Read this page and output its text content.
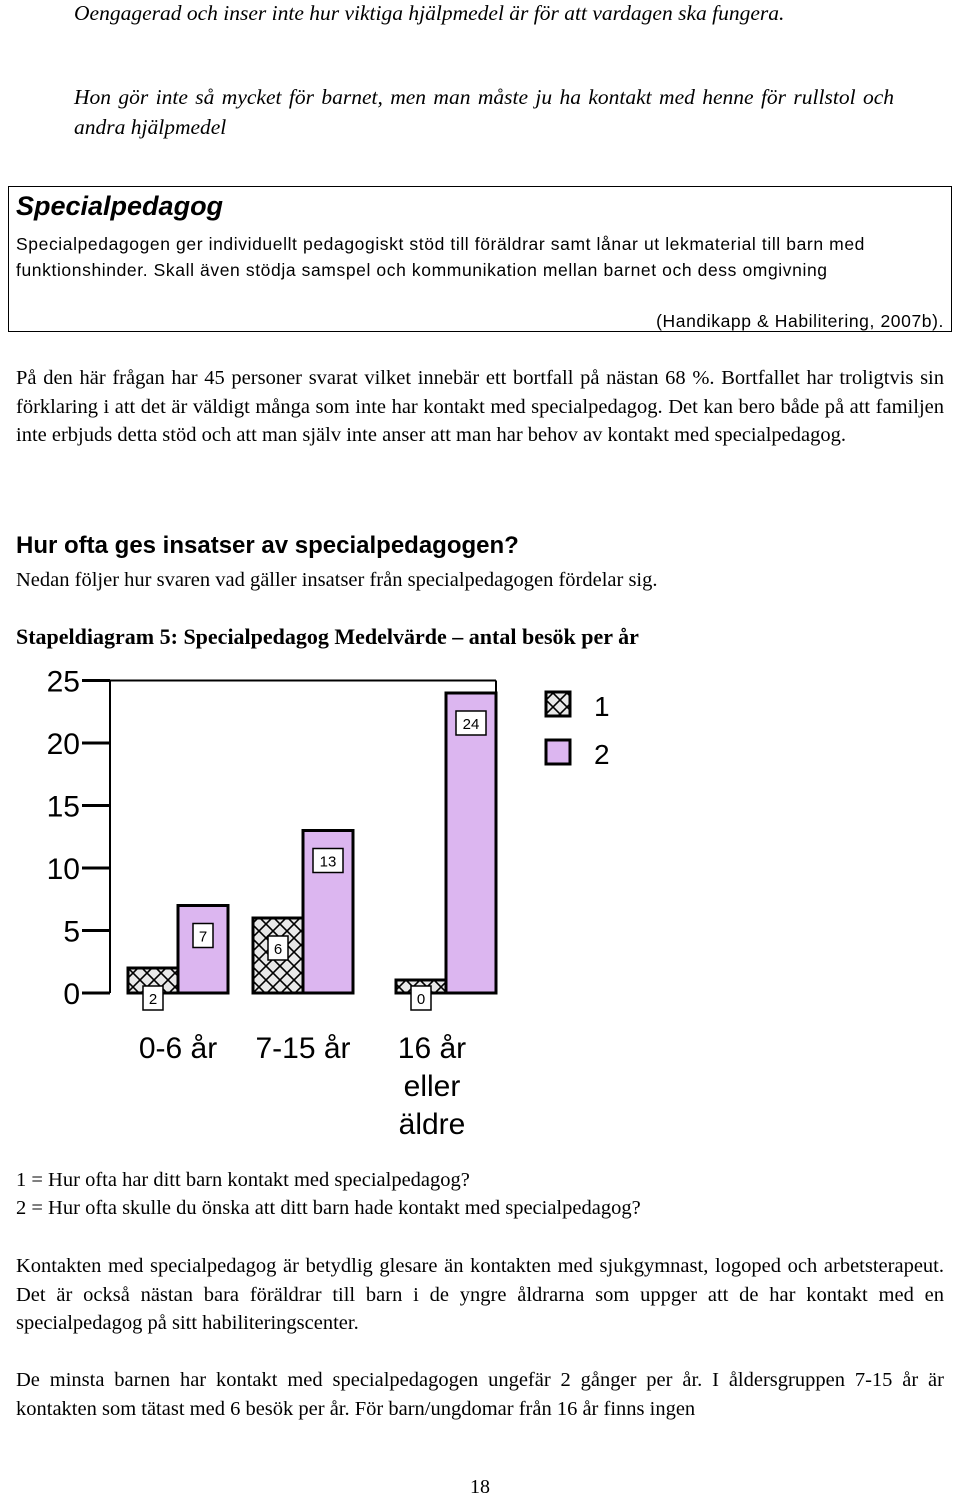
Oengagerad och inser inte hur viktiga hjälpmedel är för att vardagen ska fungera.

Hon gör inte så mycket för barnet, men man måste ju ha kontakt med henne för rullstol och andra hjälpmedel

Specialpedagog

Specialpedagogen ger individuellt pedagogiskt stöd till föräldrar samt lånar ut lekmaterial till barn med funktionshinder. Skall även stödja samspel och kommunikation mellan barnet och dess omgivning

(Handikapp & Habilitering, 2007b).

På den här frågan har 45 personer svarat vilket innebär ett bortfall på nästan 68 %. Bortfallet har troligtvis sin förklaring i att det är väldigt många som inte har kontakt med specialpedagog. Det kan bero både på att familjen inte erbjuds detta stöd och att man själv inte anser att man har behov av kontakt med specialpedagog.

Hur ofta ges insatser av specialpedagogen?

Nedan följer hur svaren vad gäller insatser från specialpedagogen fördelar sig.

Stapeldiagram 5: Specialpedagog Medelvärde – antal besök per år
0
5
10
15
20
25
2
7
6
13
0
24
0-6 år 7-15 år 16 år
eller
äldre
1
2

1 = Hur ofta har ditt barn kontakt med specialpedagog?

2 = Hur ofta skulle du önska att ditt barn hade kontakt med specialpedagog?

Kontakten med specialpedagog är betydlig glesare än kontakten med sjukgymnast, logoped och arbetsterapeut. Det är också nästan bara föräldrar till barn i de yngre åldrarna som uppger att de har kontakt med en specialpedagog på sitt habiliteringscenter.

De minsta barnen har kontakt med specialpedagogen ungefär 2 gånger per år. I åldersgruppen 7-15 år är kontakten som tätast med 6 besök per år. För barn/ungdomar från 16 år finns ingen

18
